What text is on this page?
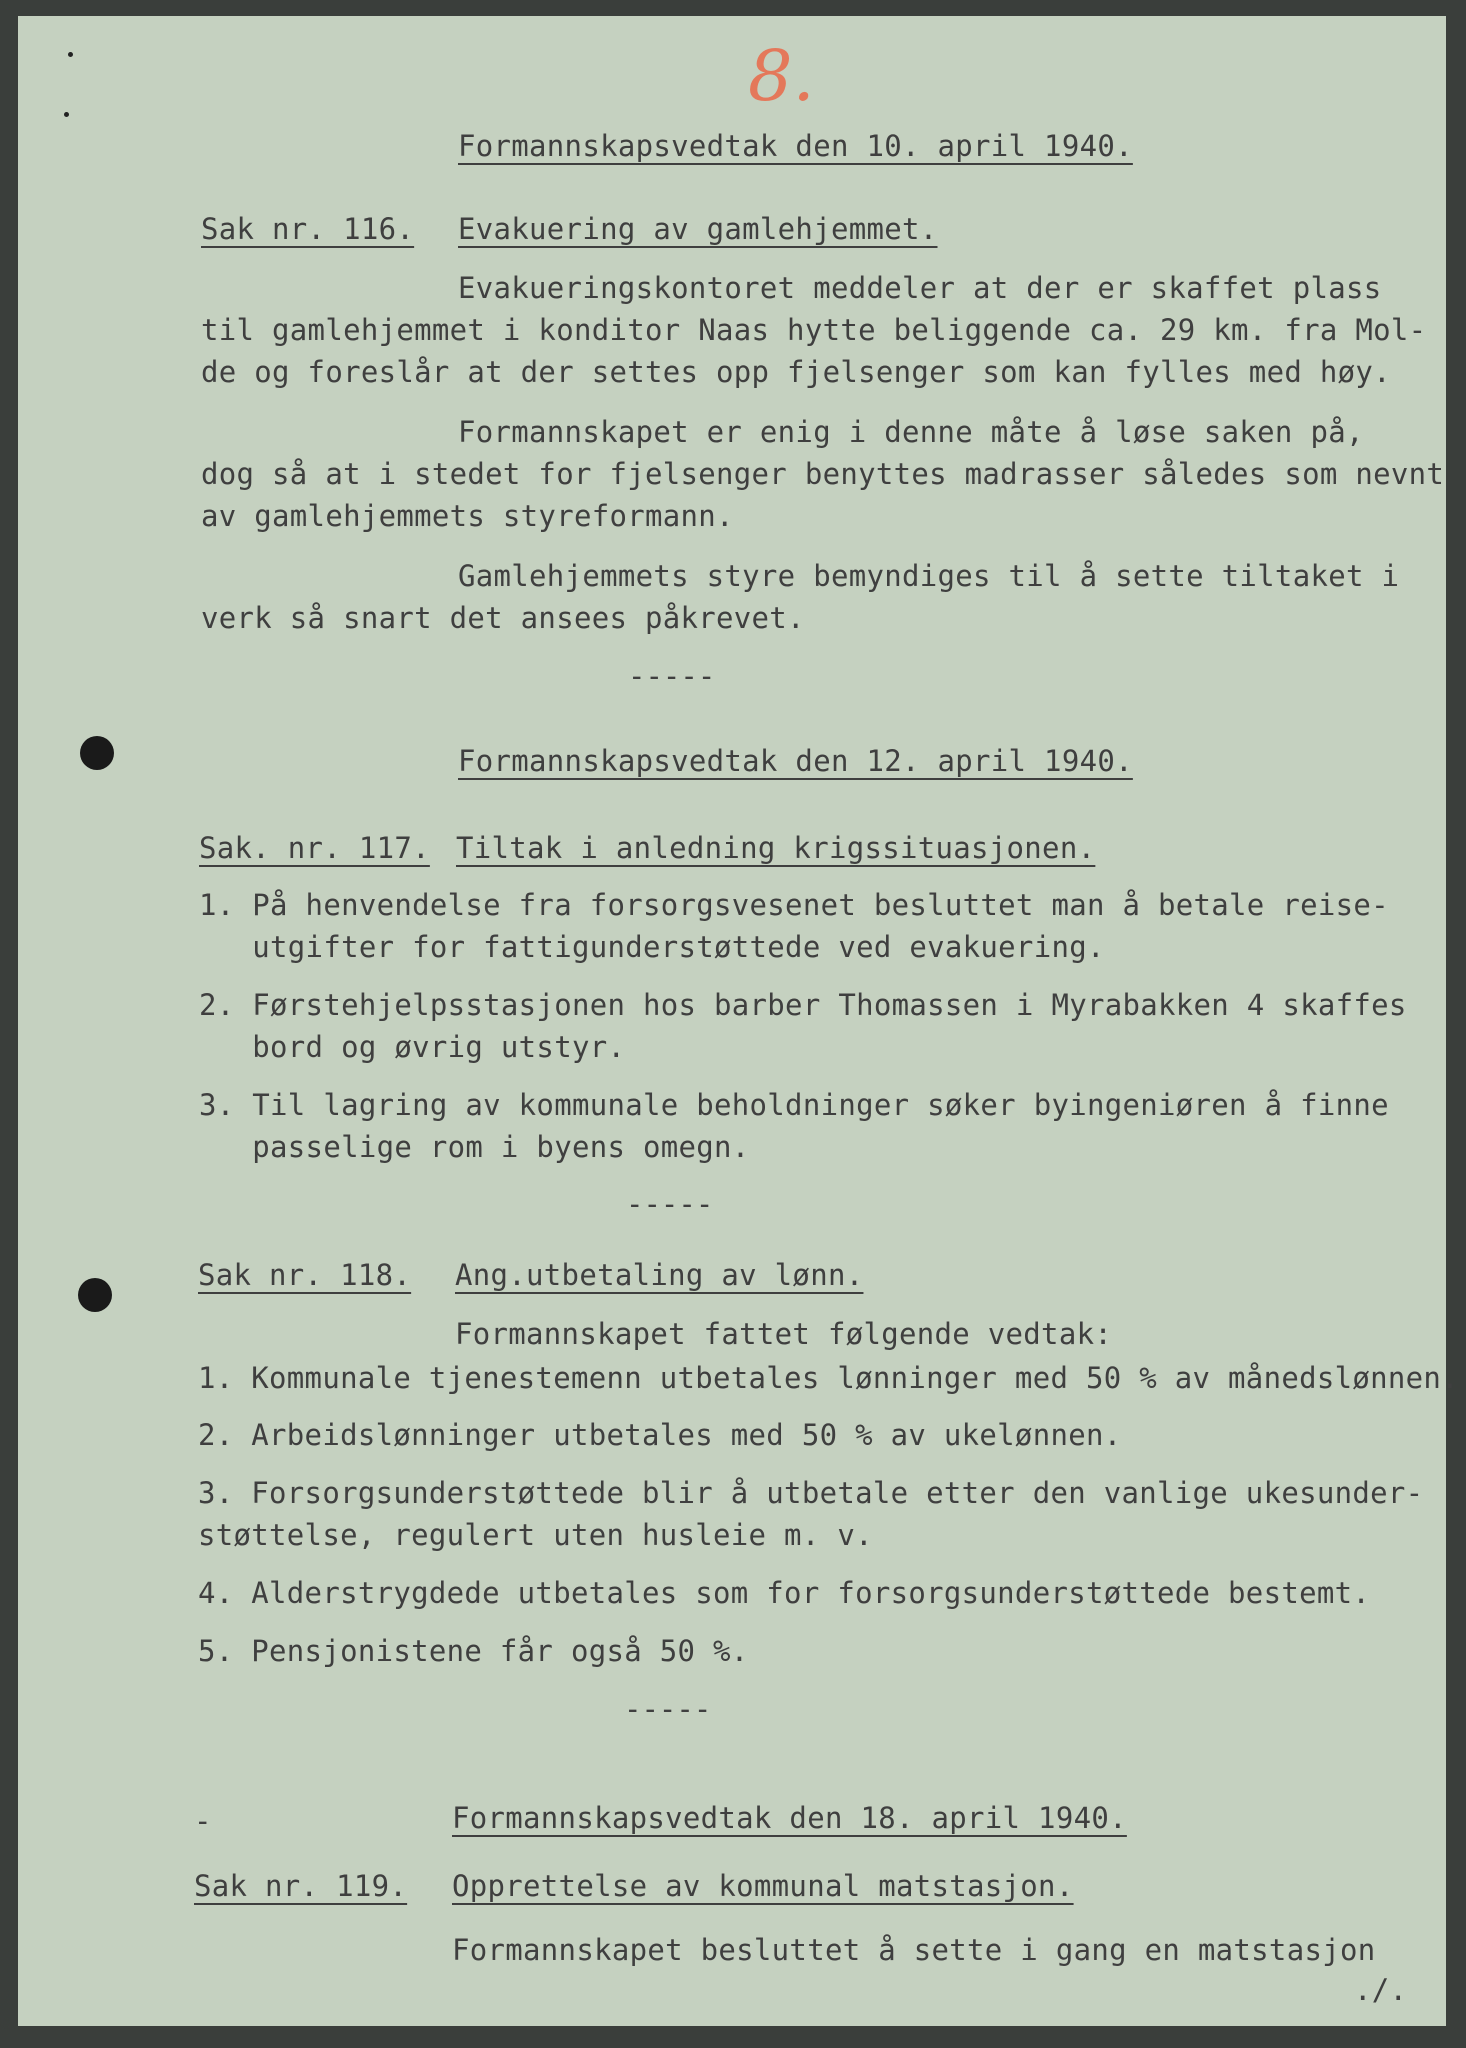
8.
Formannskapsvedtak den 10. april 1940.
Sak nr. 116. Evakuering av gamlehjemmet.
Evakueringskontoret meddeler at der er skaffet plass
til gamlehjemmet i konditor Naas hytte beliggende ca. 29 km. fra Mol-
de og foreslår at der settes opp fjelsenger som kan fylles med høy.
Formannskapet er enig i denne måte å løse saken på,
dog så at i stedet for fjelsenger benyttes madrasser således som nevnt
av gamlehjemmets styreformann.
Gamlehjemmets styre bemyndiges til å sette tiltaket i
verk så snart det ansees påkrevet.
-----
Formannskapsvedtak den 12. april 1940.
Sak. nr. 117. Tiltak i anledning krigssituasjonen.
1. På henvendelse fra forsorgsvesenet besluttet man å betale reise-
utgifter for fattigunderstøttede ved evakuering.
2. Førstehjelpsstasjonen hos barber Thomassen i Myrabakken 4 skaffes
bord og øvrig utstyr.
3. Til lagring av kommunale beholdninger søker byingeniøren å finne
passelige rom i byens omegn.
-----
Sak nr. 118. Ang.utbetaling av lønn.
Formannskapet fattet følgende vedtak:
1. Kommunale tjenestemenn utbetales lønninger med 50 % av månedslønnen.
2. Arbeidslønninger utbetales med 50 % av ukelønnen.
3. Forsorgsunderstøttede blir å utbetale etter den vanlige ukesunder-
støttelse, regulert uten husleie m. v.
4. Alderstrygdede utbetales som for forsorgsunderstøttede bestemt.
5. Pensjonistene får også 50 %.
-----
-	Formannskapsvedtak den 18. april 1940.
Sak nr. 119. Opprettelse av kommunal matstasjon.
Formannskapet besluttet å sette i gang en matstasjon
./.
